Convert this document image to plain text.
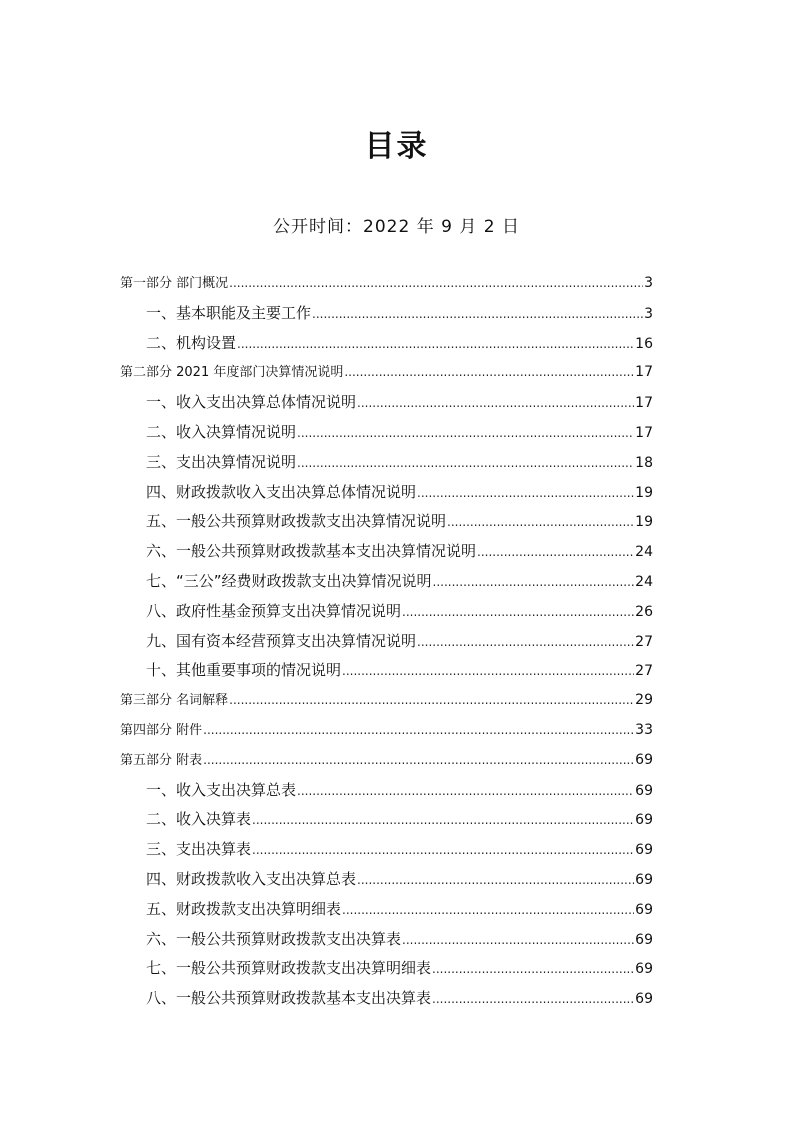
目录
公开时间：2022 年 9 月 2 日
第一部分 部门概况 .....	3
一、基本职能及主要工作 .....	3
二、机构设置 .....	16
第二部分 2021 年度部门决算情况说明 .....	17
一、收入支出决算总体情况说明 .....	17
二、收入决算情况说明 .....	17
三、支出决算情况说明 .....	18
四、财政拨款收入支出决算总体情况说明 .....	19
五、一般公共预算财政拨款支出决算情况说明 .....	19
六、一般公共预算财政拨款基本支出决算情况说明 .....	24
七、“三公”经费财政拨款支出决算情况说明 .....	24
八、政府性基金预算支出决算情况说明 .....	26
九、国有资本经营预算支出决算情况说明 .....	27
十、其他重要事项的情况说明 .....	27
第三部分 名词解释 .....	29
第四部分 附件 .....	33
第五部分 附表 .....	69
一、收入支出决算总表 .....	69
二、收入决算表 .....	69
三、支出决算表 .....	69
四、财政拨款收入支出决算总表 .....	69
五、财政拨款支出决算明细表 .....	69
六、一般公共预算财政拨款支出决算表 .....	69
七、一般公共预算财政拨款支出决算明细表 .....	69
八、一般公共预算财政拨款基本支出决算表 .....	69
